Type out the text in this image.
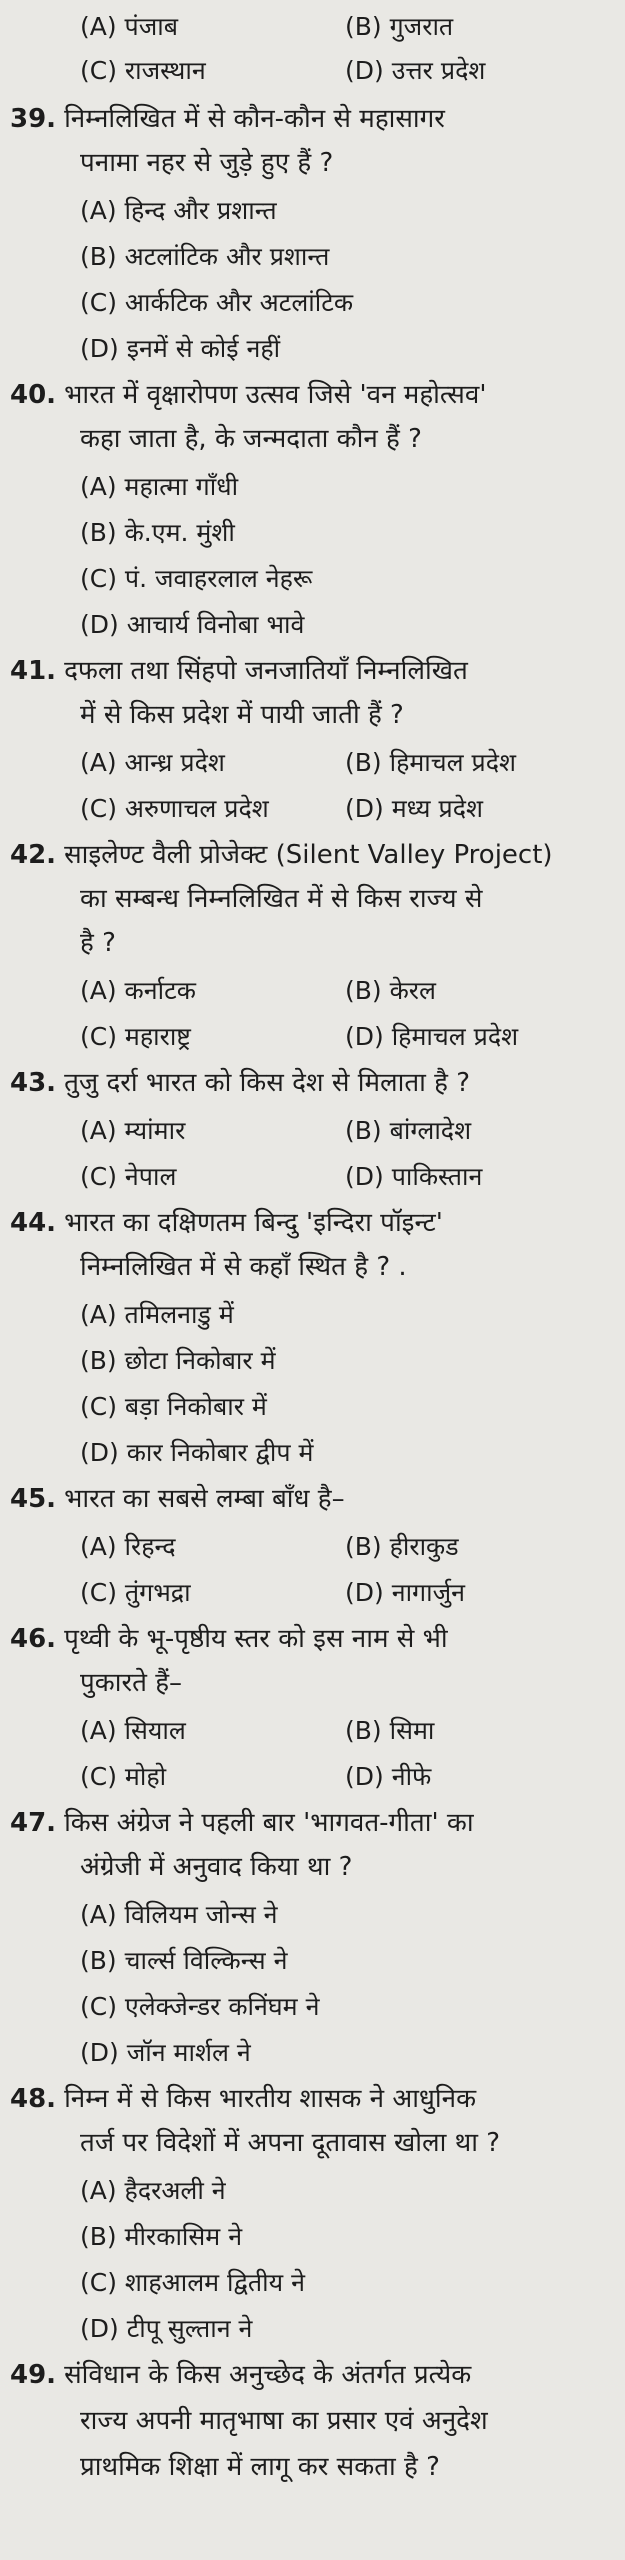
(A) पंजाब	(B) गुजरात
(C) राजस्थान	(D) उत्तर प्रदेश
39. निम्नलिखित में से कौन-कौन से महासागर
पनामा नहर से जुड़े हुए हैं ?
(A) हिन्द और प्रशान्त
(B) अटलांटिक और प्रशान्त
(C) आर्कटिक और अटलांटिक
(D) इनमें से कोई नहीं
40. भारत में वृक्षारोपण उत्सव जिसे 'वन महोत्सव'
कहा जाता है, के जन्मदाता कौन हैं ?
(A) महात्मा गाँधी
(B) के.एम. मुंशी
(C) पं. जवाहरलाल नेहरू
(D) आचार्य विनोबा भावे
41. दफला तथा सिंहपो जनजातियाँ निम्नलिखित
में से किस प्रदेश में पायी जाती हैं ?
(A) आन्ध्र प्रदेश	(B) हिमाचल प्रदेश
(C) अरुणाचल प्रदेश	(D) मध्य प्रदेश
42. साइलेण्ट वैली प्रोजेक्ट (Silent Valley Project)
का सम्बन्ध निम्नलिखित में से किस राज्य से
है ?
(A) कर्नाटक	(B) केरल
(C) महाराष्ट्र	(D) हिमाचल प्रदेश
43. तुजु दर्रा भारत को किस देश से मिलाता है ?
(A) म्यांमार	(B) बांग्लादेश
(C) नेपाल	(D) पाकिस्तान
44. भारत का दक्षिणतम बिन्दु 'इन्दिरा पॉइन्ट'
निम्नलिखित में से कहाँ स्थित है ? .
(A) तमिलनाडु में
(B) छोटा निकोबार में
(C) बड़ा निकोबार में
(D) कार निकोबार द्वीप में
45. भारत का सबसे लम्बा बाँध है–
(A) रिहन्द	(B) हीराकुड
(C) तुंगभद्रा	(D) नागार्जुन
46. पृथ्वी के भू-पृष्ठीय स्तर को इस नाम से भी
पुकारते हैं–
(A) सियाल	(B) सिमा
(C) मोहो	(D) नीफे
47. किस अंग्रेज ने पहली बार 'भागवत-गीता' का
अंग्रेजी में अनुवाद किया था ?
(A) विलियम जोन्स ने
(B) चार्ल्स विल्किन्स ने
(C) एलेक्जेन्डर कनिंघम ने
(D) जॉन मार्शल ने
48. निम्न में से किस भारतीय शासक ने आधुनिक
तर्ज पर विदेशों में अपना दूतावास खोला था ?
(A) हैदरअली ने
(B) मीरकासिम ने
(C) शाहआलम द्वितीय ने
(D) टीपू सुल्तान ने
49. संविधान के किस अनुच्छेद के अंतर्गत प्रत्येक
राज्य अपनी मातृभाषा का प्रसार एवं अनुदेश
प्राथमिक शिक्षा में लागू कर सकता है ?
